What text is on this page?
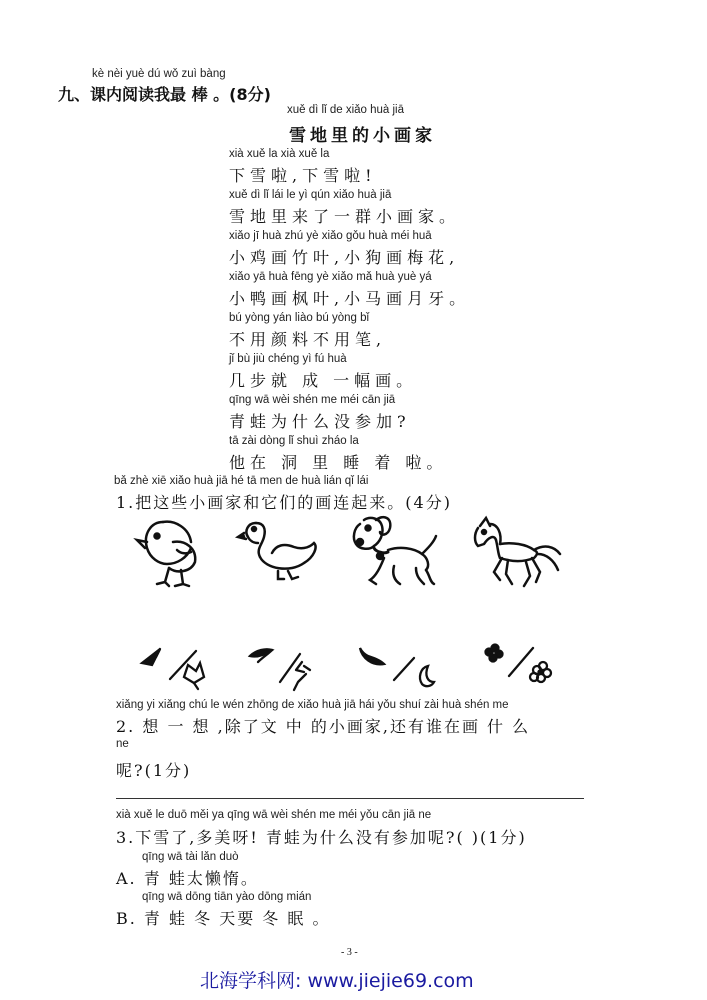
kè nèi yuè dú wǒ zuì bàng
九、课内阅读我最 棒 。(8分)
xuě dì lǐ de xiǎo huà jiā
雪地里的小画家
xià xuě la xià xuě la
下雪啦,下雪啦!
xuě dì lǐ lái le yì qún xiǎo huà jiā
雪地里来了一群小画家。
xiǎo jī huà zhú yè xiǎo gǒu huà méi huā
小鸡画竹叶,小狗画梅花,
xiǎo yā huà fēng yè xiǎo mǎ huà yuè yá
小鸭画枫叶,小马画月牙。
bú yòng yán liào bú yòng bǐ
不用颜料不用笔,
jǐ bù jiù chéng yì fú huà
几步就 成 一幅画。
qīng wā wèi shén me méi cān jiā
青蛙为什么没参加?
tā zài dòng lǐ shuì zháo la
他在 洞 里 睡 着 啦。
bǎ zhè xiē xiǎo huà jiā hé tā men de huà lián qǐ lái
1.把这些小画家和它们的画连起来。(4分)
xiǎng yi xiǎng chú le wén zhōng de xiǎo huà jiā hái yǒu shuí zài huà shén me
2. 想 一 想 ,除了文 中 的小画家,还有谁在画 什 么
ne
呢?(1分)
xià xuě le duō měi ya qīng wā wèi shén me méi yǒu cān jiā ne
3.下雪了,多美呀! 青蛙为什么没有参加呢?( )(1分)
qīng wā tài lǎn duò
A. 青 蛙太懒惰。
qīng wā dōng tiān yào dōng mián
B. 青 蛙 冬 天要 冬 眠 。
- 3 -
北海学科网: www.jiejie69.com
